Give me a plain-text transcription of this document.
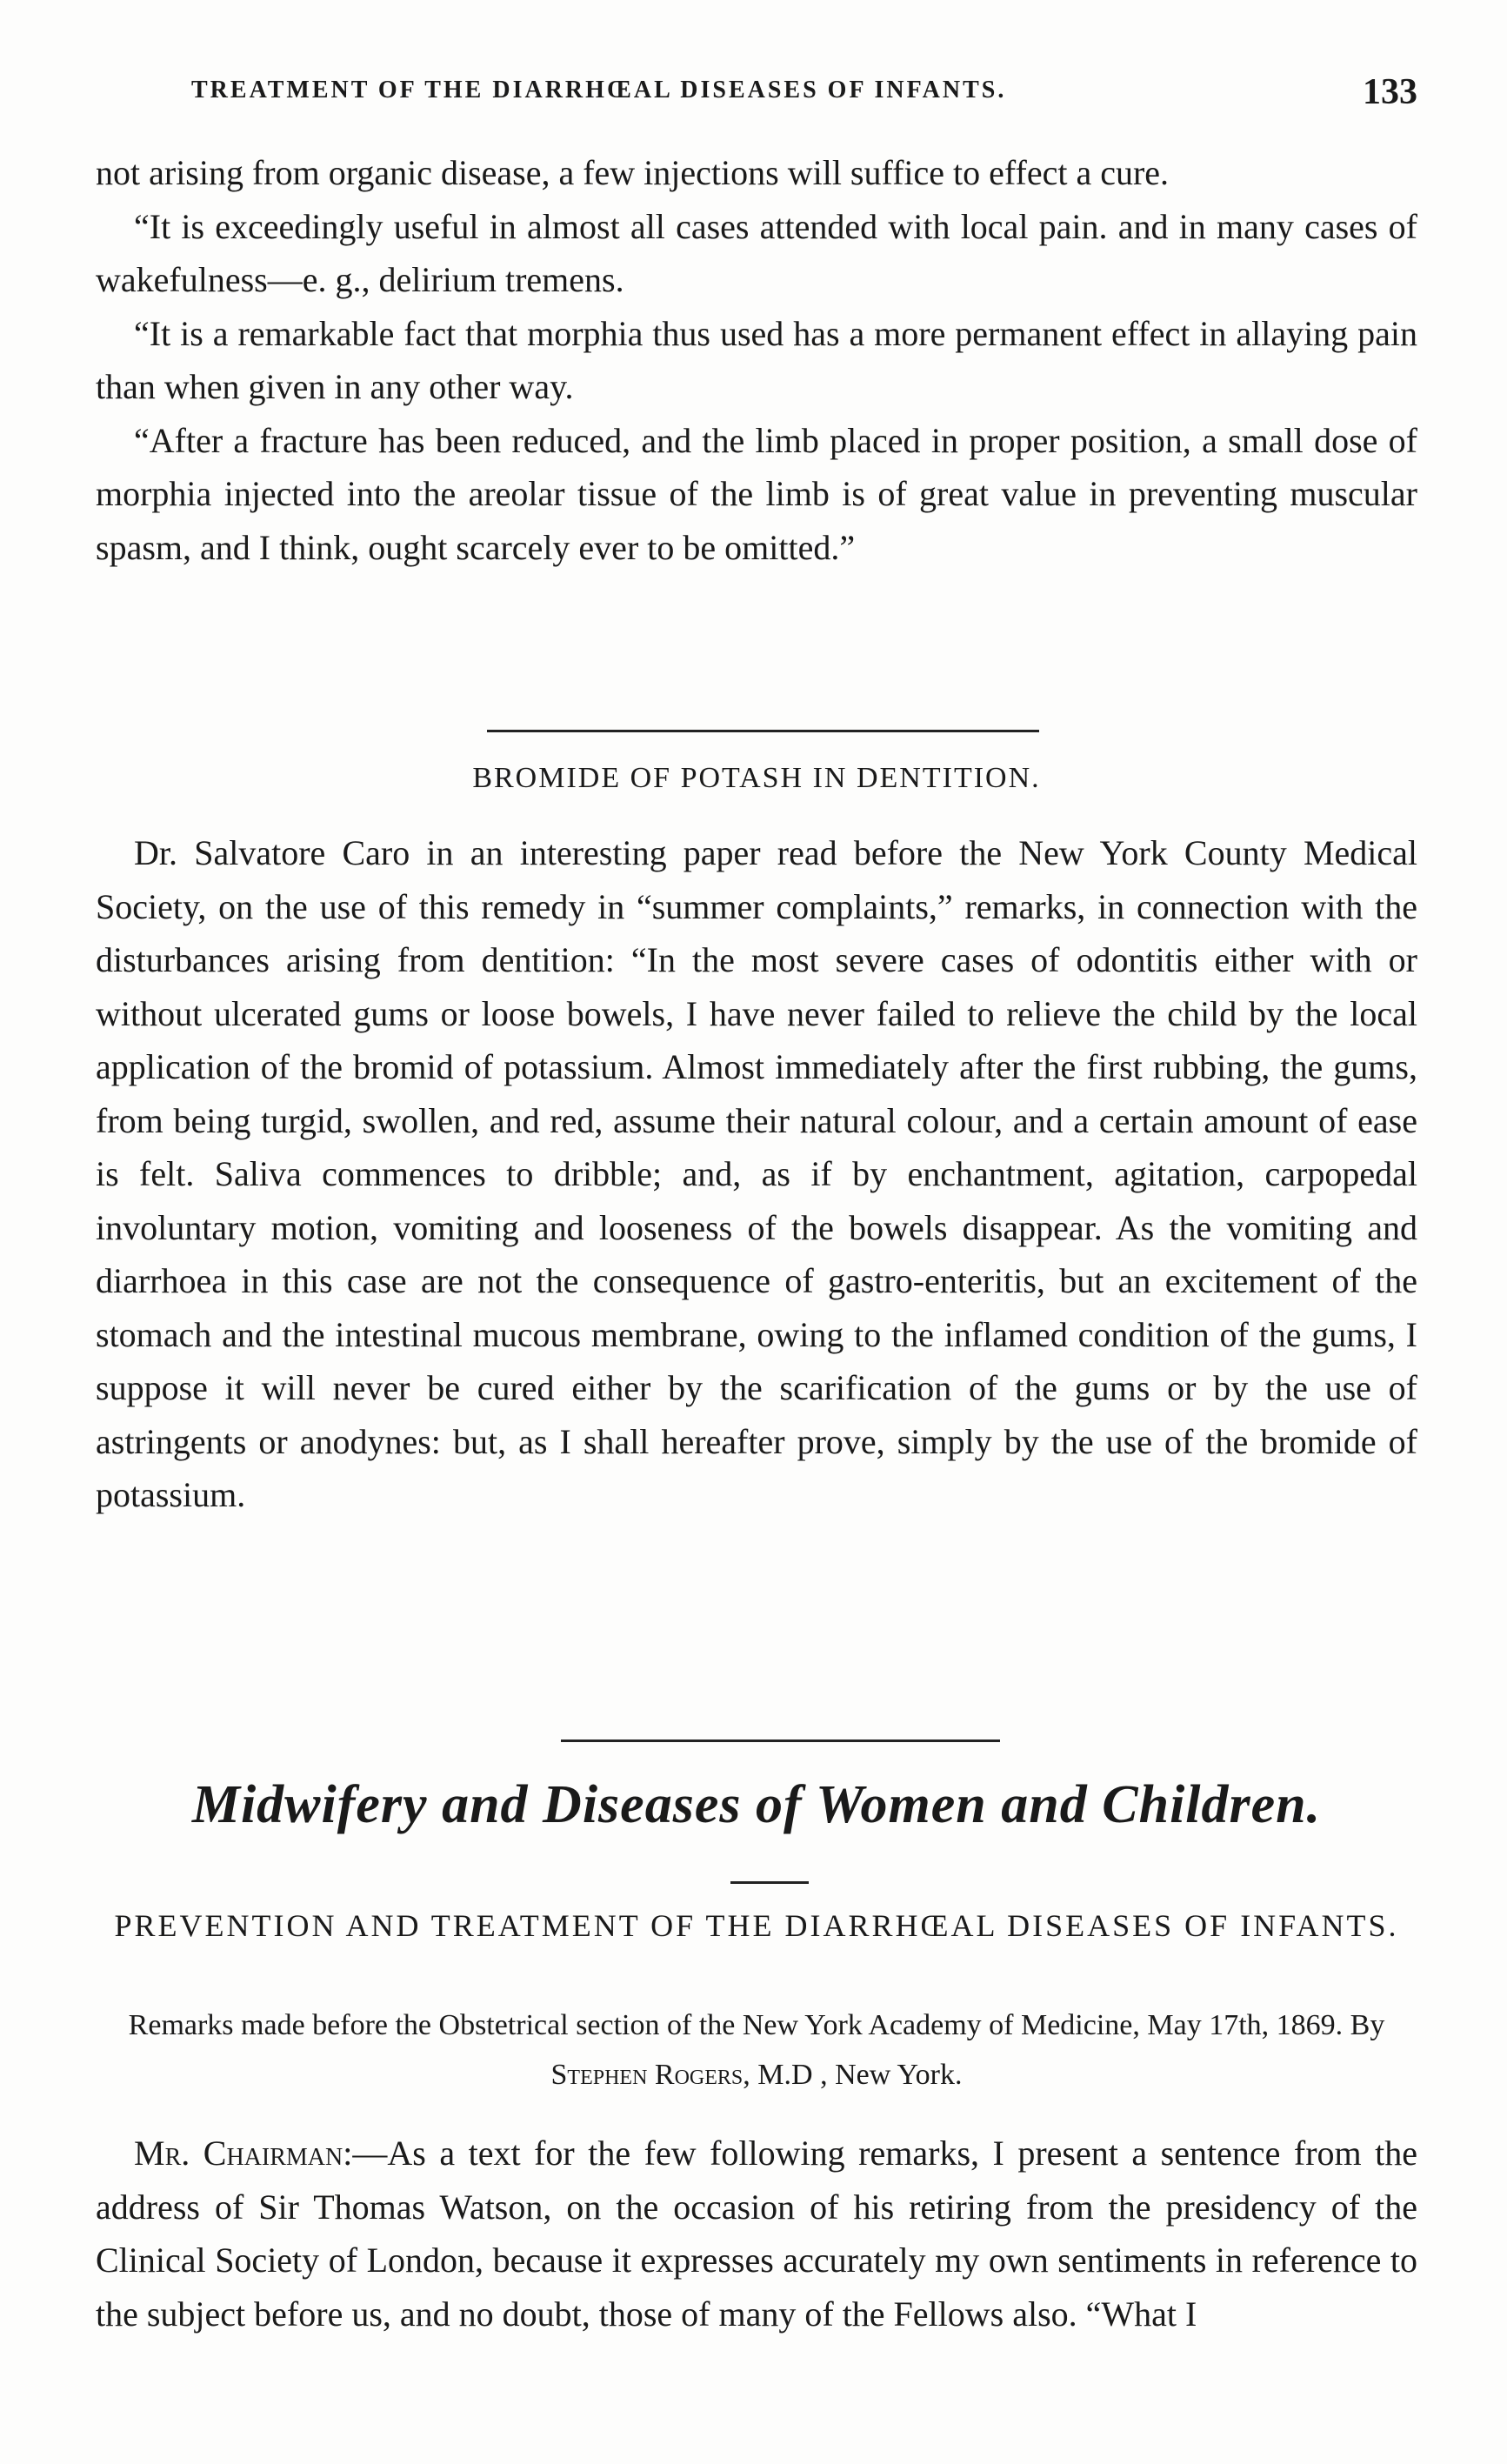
TREATMENT OF THE DIARRHŒAL DISEASES OF INFANTS.	133

not arising from organic disease, a few injections will suffice to effect a cure.

“It is exceedingly useful in almost all cases attended with local pain. and in many cases of wakefulness—e. g., delirium tremens.

“It is a remarkable fact that morphia thus used has a more permanent effect in allaying pain than when given in any other way.

“After a fracture has been reduced, and the limb placed in proper position, a small dose of morphia injected into the areolar tissue of the limb is of great value in preventing muscular spasm, and I think, ought scarcely ever to be omitted.”

BROMIDE OF POTASH IN DENTITION.

Dr. Salvatore Caro in an interesting paper read before the New York County Medical Society, on the use of this remedy in “summer complaints,” remarks, in connection with the disturbances arising from dentition: “In the most severe cases of odontitis either with or without ulcerated gums or loose bowels, I have never failed to relieve the child by the local application of the bromid of potassium. Almost immediately after the first rubbing, the gums, from being turgid, swollen, and red, assume their natural colour, and a certain amount of ease is felt. Saliva commences to dribble; and, as if by enchantment, agitation, carpopedal involuntary motion, vomiting and looseness of the bowels disappear. As the vomiting and diarrhoea in this case are not the consequence of gastro-enteritis, but an excitement of the stomach and the intestinal mucous membrane, owing to the inflamed condition of the gums, I suppose it will never be cured either by the scarification of the gums or by the use of astringents or anodynes: but, as I shall hereafter prove, simply by the use of the bromide of potassium.

Midwifery and Diseases of Women and Children.
PREVENTION AND TREATMENT OF THE DIARRHŒAL DISEASES OF INFANTS.
Remarks made before the Obstetrical section of the New York Academy of Medicine, May 17th, 1869. By Stephen Rogers, M.D , New York.

Mr. Chairman:—As a text for the few following remarks, I present a sentence from the address of Sir Thomas Watson, on the occasion of his retiring from the presidency of the Clinical Society of London, because it expresses accurately my own sentiments in reference to the subject before us, and no doubt, those of many of the Fellows also. “What I
